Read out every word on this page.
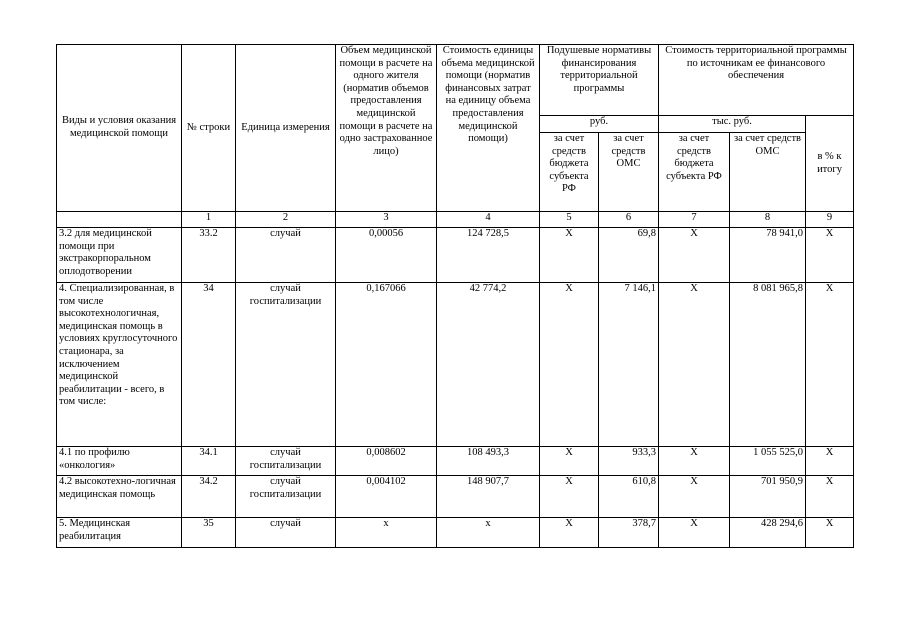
Виды и условия оказания медицинской помощи	№ строки	Единица измерения	Объем медицинской помощи в расчете на одного жителя (норматив объемов предоставления медицинской помощи в расчете на одно застрахованное лицо)	Стоимость единицы объема медицинской помощи (норматив финансовых затрат на единицу объема предоставления медицинской помощи)	Подушевые нормативы финансирования территориальной программы		Стоимость территориальной программы по источникам ее финансового обеспечения		
					руб.		тыс. руб.		в % к итогу
					за счет средств бюджета субъекта РФ	за счет средств ОМС	за счет средств бюджета субъекта РФ	за счет средств ОМС	
	1	2	3	4	5	6	7	8	9
3.2 для медицинской помощи при экстракорпоральном оплодотворении	33.2	случай	0,00056	124 728,5	Х	69,8	Х	78 941,0	Х
4. Специализированная, в том числе высокотехнологичная, медицинская помощь в условиях круглосуточного стационара, за исключением медицинской реабилитации - всего, в том числе:	34	случай госпитализации	0,167066	42 774,2	Х	7 146,1	Х	8 081 965,8	Х
4.1 по профилю «онкология»	34.1	случай госпитализации	0,008602	108 493,3	Х	933,3	Х	1 055 525,0	Х
4.2 высокотехно-логичная медицинская помощь	34.2	случай госпитализации	0,004102	148 907,7	Х	610,8	Х	701 950,9	Х
5. Медицинская реабилитация	35	случай	х	х	Х	378,7	Х	428 294,6	Х
